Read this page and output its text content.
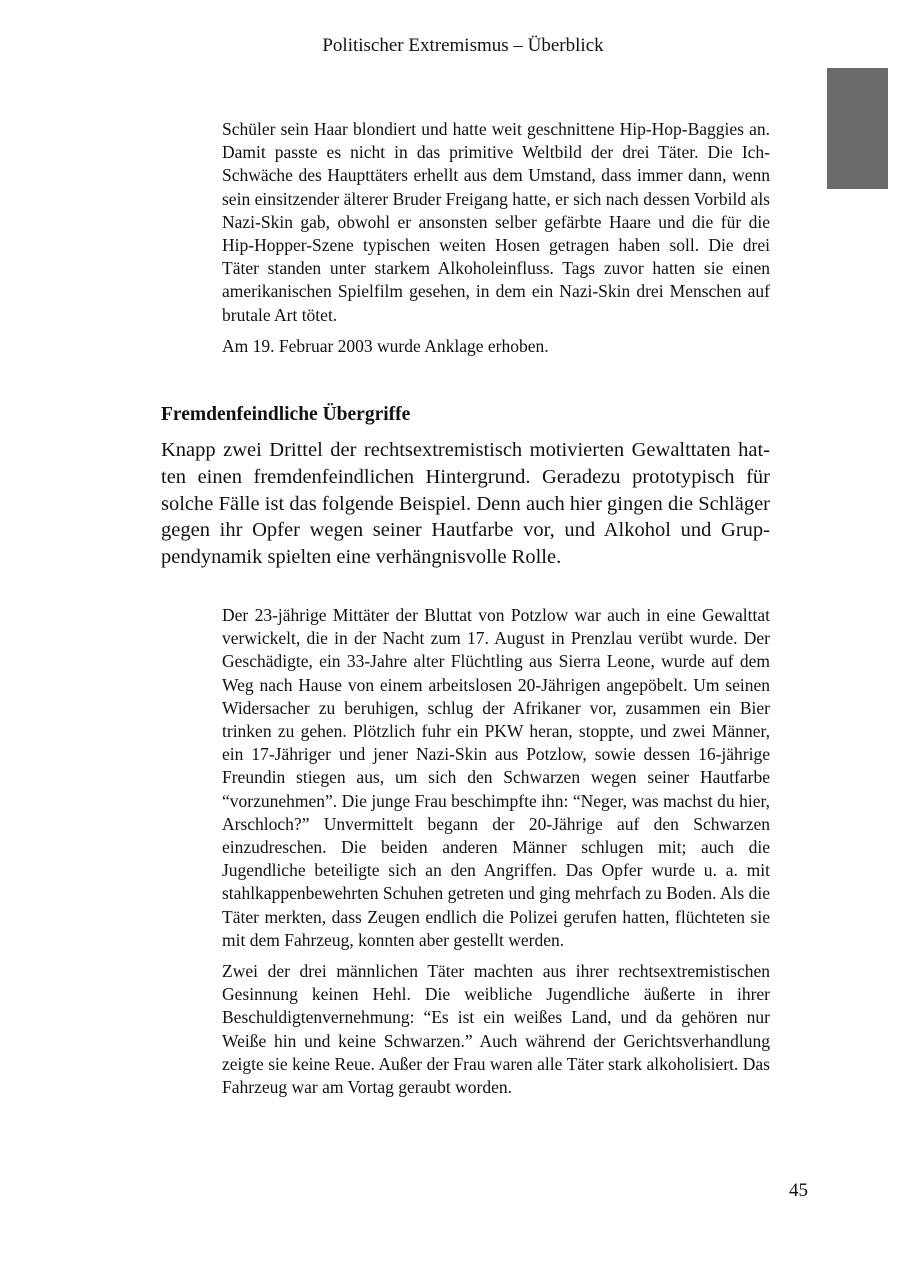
Politischer Extremismus – Überblick

Schüler sein Haar blondiert und hatte weit geschnittene Hip-Hop-Baggies an. Damit passte es nicht in das primitive Weltbild der drei Täter. Die Ich-Schwäche des Haupttäters erhellt aus dem Umstand, dass immer dann, wenn sein einsitzender älterer Bruder Freigang hatte, er sich nach dessen Vorbild als Nazi-Skin gab, obwohl er ansonsten selber gefärbte Haare und die für die Hip-Hopper-Szene typischen weiten Hosen getragen haben soll. Die drei Täter standen unter starkem Alkoholeinfluss. Tags zuvor hatten sie einen amerikanischen Spielfilm gesehen, in dem ein Nazi-Skin drei Menschen auf brutale Art tötet.

Am 19. Februar 2003 wurde Anklage erhoben.

Fremdenfeindliche Übergriffe

Knapp zwei Drittel der rechtsextremistisch motivierten Gewalttaten hatten einen fremdenfeindlichen Hintergrund. Geradezu prototypisch für solche Fälle ist das folgende Beispiel. Denn auch hier gingen die Schläger gegen ihr Opfer wegen seiner Hautfarbe vor, und Alkohol und Gruppendynamik spielten eine verhängnisvolle Rolle.

Der 23-jährige Mittäter der Bluttat von Potzlow war auch in eine Gewalttat verwickelt, die in der Nacht zum 17. August in Prenzlau verübt wurde. Der Geschädigte, ein 33-Jahre alter Flüchtling aus Sierra Leone, wurde auf dem Weg nach Hause von einem arbeitslosen 20-Jährigen angepöbelt. Um seinen Widersacher zu beruhigen, schlug der Afrikaner vor, zusammen ein Bier trinken zu gehen. Plötzlich fuhr ein PKW heran, stoppte, und zwei Männer, ein 17-Jähriger und jener Nazi-Skin aus Potzlow, sowie dessen 16-jährige Freundin stiegen aus, um sich den Schwarzen wegen seiner Hautfarbe “vorzunehmen”. Die junge Frau beschimpfte ihn: “Neger, was machst du hier, Arschloch?” Unvermittelt begann der 20-Jährige auf den Schwarzen einzudreschen. Die beiden anderen Männer schlugen mit; auch die Jugendliche beteiligte sich an den Angriffen. Das Opfer wurde u. a. mit stahlkappenbewehrten Schuhen getreten und ging mehrfach zu Boden. Als die Täter merkten, dass Zeugen endlich die Polizei gerufen hatten, flüchteten sie mit dem Fahrzeug, konnten aber gestellt werden.

Zwei der drei männlichen Täter machten aus ihrer rechtsextremistischen Gesinnung keinen Hehl. Die weibliche Jugendliche äußerte in ihrer Beschuldigtenvernehmung: “Es ist ein weißes Land, und da gehören nur Weiße hin und keine Schwarzen.” Auch während der Gerichtsverhandlung zeigte sie keine Reue. Außer der Frau waren alle Täter stark alkoholisiert. Das Fahrzeug war am Vortag geraubt worden.

45
